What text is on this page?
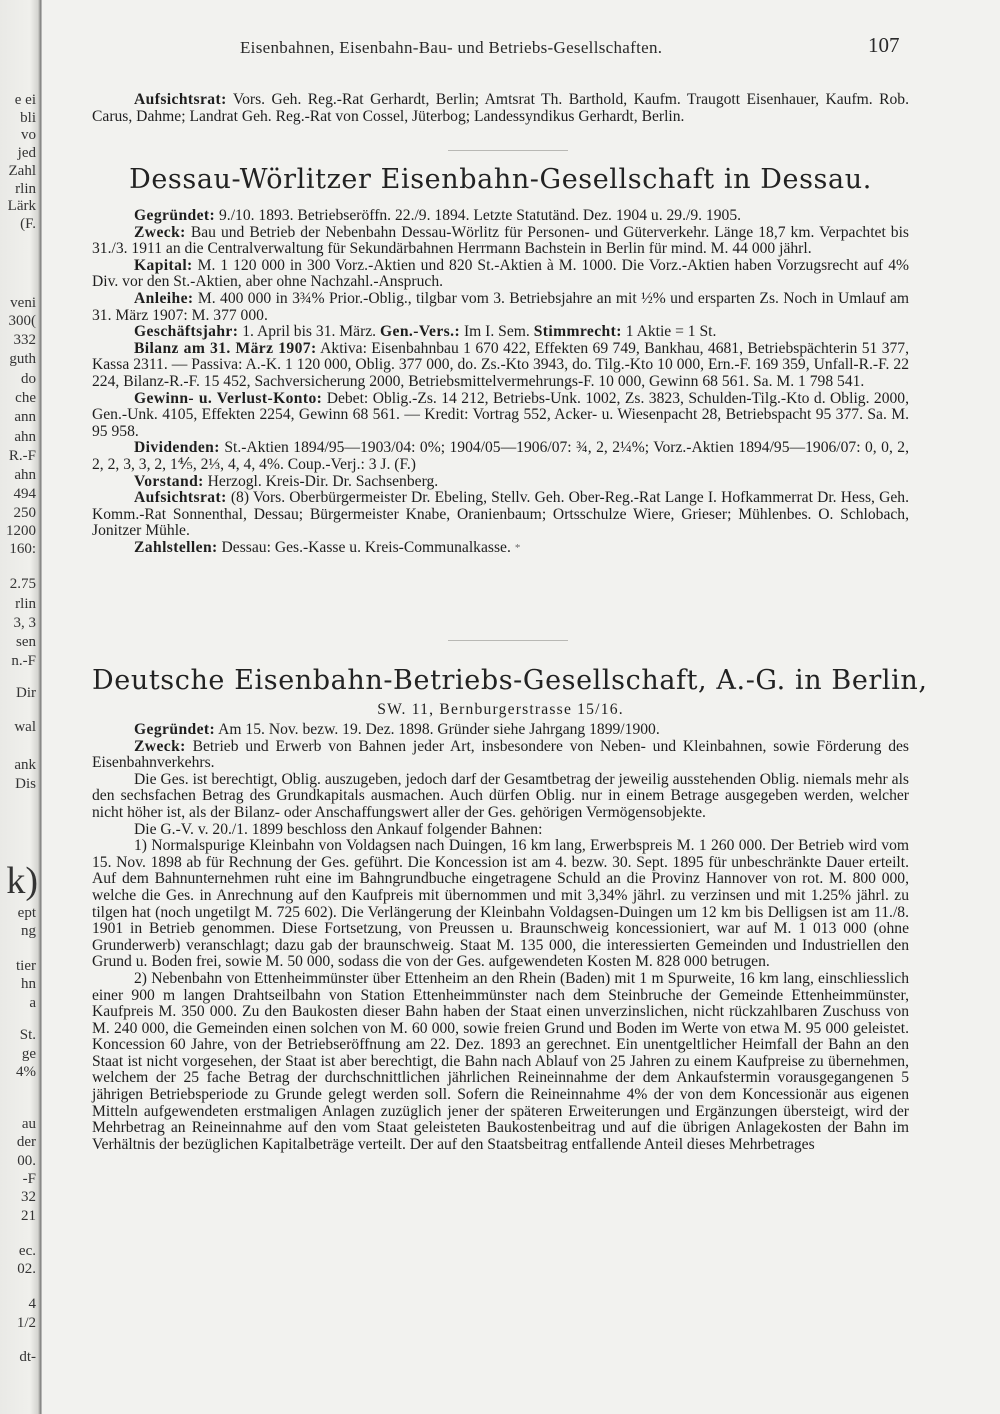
e ei
bli
vo
jed
Zahl
rlin
Lärk
(F.
veni
300(
332
guth
do
che
ann
ahn
R.-F
ahn
494
250
1200
160:
2.75
rlin
3, 3
sen
n.-F
Dir
wal
ank
Dis
k)
ept
ng
tier
hn
a
St.
ge
4%
au
der
00.
-F
32
21
ec.
02.
4
1/2
dt-
Eisenbahnen, Eisenbahn-Bau- und Betriebs-Gesellschaften.	107

Aufsichtsrat: Vors. Geh. Reg.-Rat Gerhardt, Berlin; Amtsrat Th. Barthold, Kaufm. Traugott Eisenhauer, Kaufm. Rob. Carus, Dahme; Landrat Geh. Reg.-Rat von Cossel, Jüterbog; Landessyndikus Gerhardt, Berlin.

Dessau-Wörlitzer Eisenbahn-Gesellschaft in Dessau.

Gegründet: 9./10. 1893. Betriebseröffn. 22./9. 1894. Letzte Statutänd. Dez. 1904 u. 29./9. 1905.

Zweck: Bau und Betrieb der Nebenbahn Dessau-Wörlitz für Personen- und Güterverkehr. Länge 18,7 km. Verpachtet bis 31./3. 1911 an die Centralverwaltung für Sekundärbahnen Herrmann Bachstein in Berlin für mind. M. 44 000 jährl.

Kapital: M. 1 120 000 in 300 Vorz.-Aktien und 820 St.-Aktien à M. 1000. Die Vorz.-Aktien haben Vorzugsrecht auf 4% Div. vor den St.-Aktien, aber ohne Nachzahl.-Anspruch.

Anleihe: M. 400 000 in 3¾% Prior.-Oblig., tilgbar vom 3. Betriebsjahre an mit ½% und ersparten Zs. Noch in Umlauf am 31. März 1907: M. 377 000.

Geschäftsjahr: 1. April bis 31. März. Gen.-Vers.: Im I. Sem. Stimmrecht: 1 Aktie = 1 St.

Bilanz am 31. März 1907: Aktiva: Eisenbahnbau 1 670 422, Effekten 69 749, Bankhau, 4681, Betriebspächterin 51 377, Kassa 2311. — Passiva: A.-K. 1 120 000, Oblig. 377 000, do. Zs.-Kto 3943, do. Tilg.-Kto 10 000, Ern.-F. 169 359, Unfall-R.-F. 22 224, Bilanz-R.-F. 15 452, Sachversicherung 2000, Betriebsmittelvermehrungs-F. 10 000, Gewinn 68 561. Sa. M. 1 798 541.

Gewinn- u. Verlust-Konto: Debet: Oblig.-Zs. 14 212, Betriebs-Unk. 1002, Zs. 3823, Schulden-Tilg.-Kto d. Oblig. 2000, Gen.-Unk. 4105, Effekten 2254, Gewinn 68 561. — Kredit: Vortrag 552, Acker- u. Wiesenpacht 28, Betriebspacht 95 377. Sa. M. 95 958.

Dividenden: St.-Aktien 1894/95—1903/04: 0%; 1904/05—1906/07: ¾, 2, 2¼%; Vorz.-Aktien 1894/95—1906/07: 0, 0, 2, 2, 2, 3, 3, 2, 1⅘, 2⅓, 4, 4, 4%. Coup.-Verj.: 3 J. (F.)

Vorstand: Herzogl. Kreis-Dir. Dr. Sachsenberg.

Aufsichtsrat: (8) Vors. Oberbürgermeister Dr. Ebeling, Stellv. Geh. Ober-Reg.-Rat Lange I. Hofkammerrat Dr. Hess, Geh. Komm.-Rat Sonnenthal, Dessau; Bürgermeister Knabe, Oranienbaum; Ortsschulze Wiere, Grieser; Mühlenbes. O. Schlobach, Jonitzer Mühle.

Zahlstellen: Dessau: Ges.-Kasse u. Kreis-Communalkasse. *

Deutsche Eisenbahn-Betriebs-Gesellschaft, A.-G. in Berlin,
SW. 11, Bernburgerstrasse 15/16.

Gegründet: Am 15. Nov. bezw. 19. Dez. 1898. Gründer siehe Jahrgang 1899/1900.

Zweck: Betrieb und Erwerb von Bahnen jeder Art, insbesondere von Neben- und Kleinbahnen, sowie Förderung des Eisenbahnverkehrs.

Die Ges. ist berechtigt, Oblig. auszugeben, jedoch darf der Gesamtbetrag der jeweilig ausstehenden Oblig. niemals mehr als den sechsfachen Betrag des Grundkapitals ausmachen. Auch dürfen Oblig. nur in einem Betrage ausgegeben werden, welcher nicht höher ist, als der Bilanz- oder Anschaffungswert aller der Ges. gehörigen Vermögensobjekte.

Die G.-V. v. 20./1. 1899 beschloss den Ankauf folgender Bahnen:

1) Normalspurige Kleinbahn von Voldagsen nach Duingen, 16 km lang, Erwerbspreis M. 1 260 000. Der Betrieb wird vom 15. Nov. 1898 ab für Rechnung der Ges. geführt. Die Koncession ist am 4. bezw. 30. Sept. 1895 für unbeschränkte Dauer erteilt. Auf dem Bahnunternehmen ruht eine im Bahngrundbuche eingetragene Schuld an die Provinz Hannover von rot. M. 800 000, welche die Ges. in Anrechnung auf den Kaufpreis mit übernommen und mit 3,34% jährl. zu verzinsen und mit 1.25% jährl. zu tilgen hat (noch ungetilgt M. 725 602). Die Verlängerung der Kleinbahn Voldagsen-Duingen um 12 km bis Delligsen ist am 11./8. 1901 in Betrieb genommen. Diese Fortsetzung, von Preussen u. Braunschweig koncessioniert, war auf M. 1 013 000 (ohne Grunderwerb) veranschlagt; dazu gab der braunschweig. Staat M. 135 000, die interessierten Gemeinden und Industriellen den Grund u. Boden frei, sowie M. 50 000, sodass die von der Ges. aufgewendeten Kosten M. 828 000 betrugen.

2) Nebenbahn von Ettenheimmünster über Ettenheim an den Rhein (Baden) mit 1 m Spurweite, 16 km lang, einschliesslich einer 900 m langen Drahtseilbahn von Station Ettenheimmünster nach dem Steinbruche der Gemeinde Ettenheimmünster, Kaufpreis M. 350 000. Zu den Baukosten dieser Bahn haben der Staat einen unverzinslichen, nicht rückzahlbaren Zuschuss von M. 240 000, die Gemeinden einen solchen von M. 60 000, sowie freien Grund und Boden im Werte von etwa M. 95 000 geleistet. Koncession 60 Jahre, von der Betriebseröffnung am 22. Dez. 1893 an gerechnet. Ein unentgeltlicher Heimfall der Bahn an den Staat ist nicht vorgesehen, der Staat ist aber berechtigt, die Bahn nach Ablauf von 25 Jahren zu einem Kaufpreise zu übernehmen, welchem der 25 fache Betrag der durchschnittlichen jährlichen Reineinnahme der dem Ankaufstermin vorausgegangenen 5 jährigen Betriebsperiode zu Grunde gelegt werden soll. Sofern die Reineinnahme 4% der von dem Koncessionär aus eigenen Mitteln aufgewendeten erstmaligen Anlagen zuzüglich jener der späteren Erweiterungen und Ergänzungen übersteigt, wird der Mehrbetrag an Reineinnahme auf den vom Staat geleisteten Baukostenbeitrag und auf die übrigen Anlagekosten der Bahn im Verhältnis der bezüglichen Kapitalbeträge verteilt. Der auf den Staatsbeitrag entfallende Anteil dieses Mehrbetrages
